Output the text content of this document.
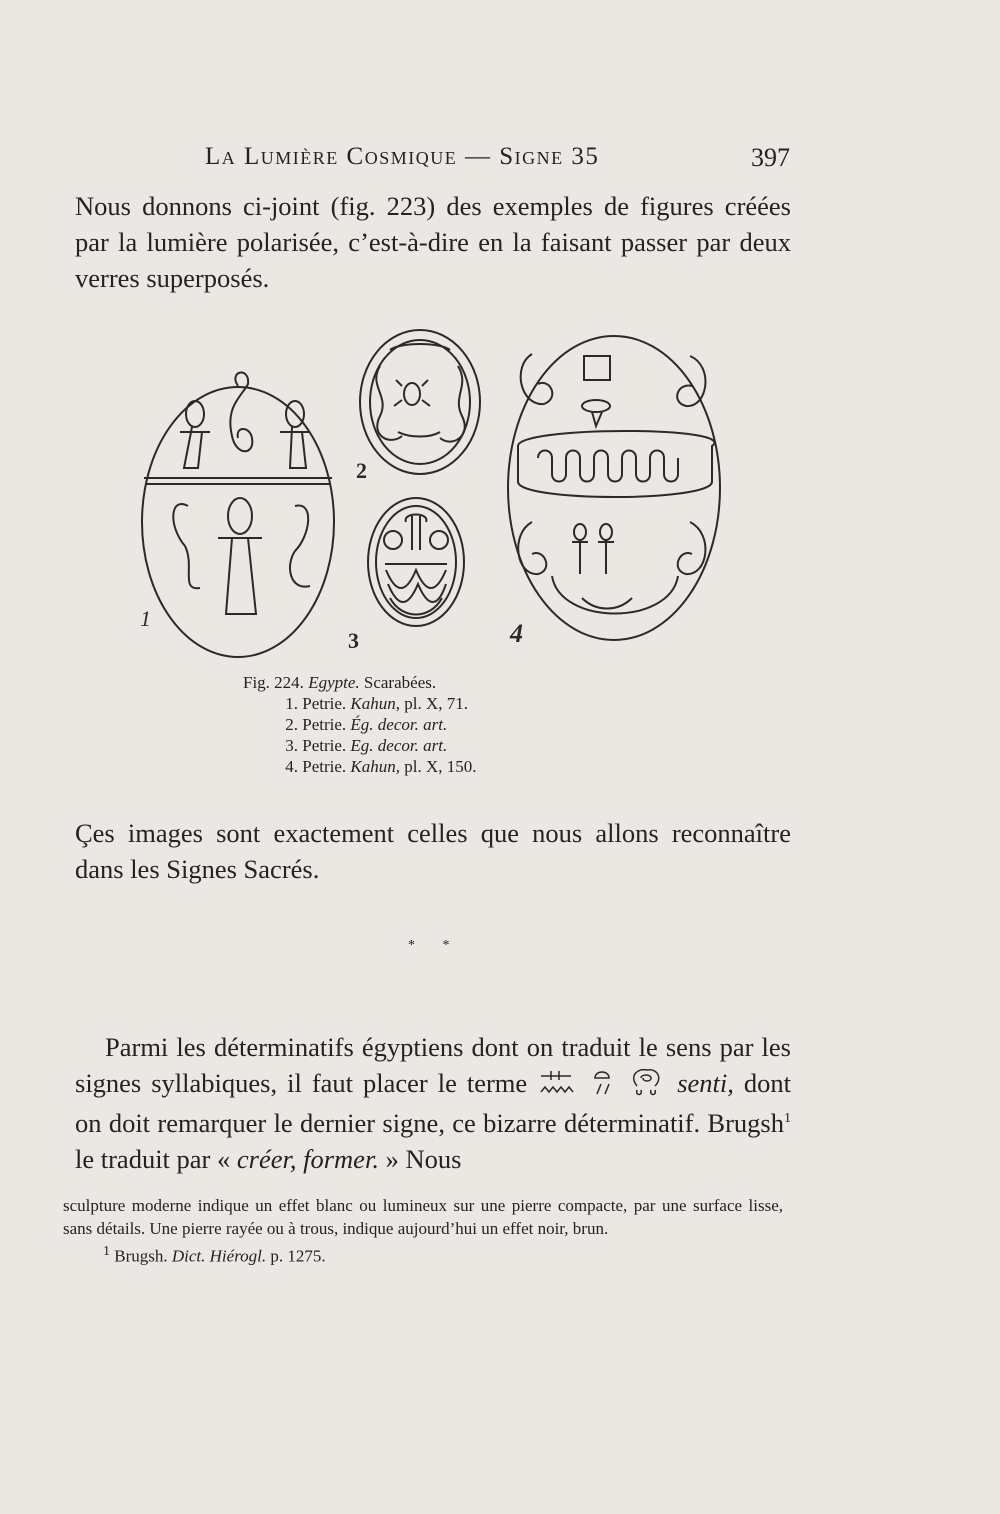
La Lumière Cosmique — Signe 35	397

Nous donnons ci-joint (fig. 223) des exemples de figures créées par la lumière polarisée, c’est-à-dire en la faisant passer par deux verres superposés.

1
2
3	4
Fig. 224. Egypte. Scarabées.
1. Petrie. Kahun, pl. X, 71.
2. Petrie. Ég. decor. art.
3. Petrie. Eg. decor. art.
4. Petrie. Kahun, pl. X, 150.

Çes images sont exactement celles que nous allons reconnaître dans les Signes Sacrés.

* *

Parmi les déterminatifs égyptiens dont on traduit le sens par les signes syllabiques, il faut placer le terme	senti, dont on doit remarquer le dernier signe, ce bizarre déterminatif. Brugsh$^1$ le traduit par « créer, former. » Nous

sculpture moderne indique un effet blanc ou lumineux sur une pierre compacte, par une surface lisse, sans détails. Une pierre rayée ou à trous, indique aujourd’hui un effet noir, brun.
$^1$ Brugsh. Dict. Hiérogl. p. 1275.
